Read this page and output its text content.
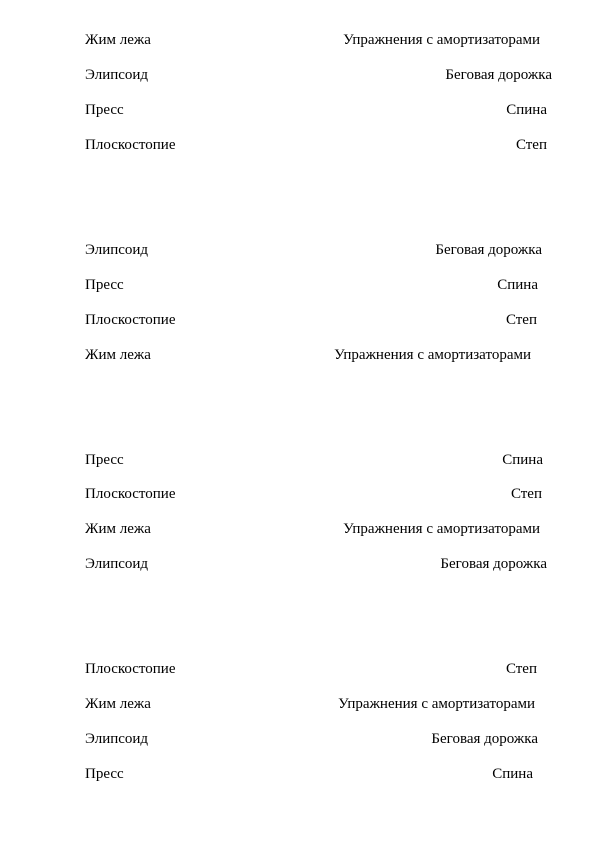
Жим лежа	Упражнения с амортизаторами
Элипсоид	Беговая дорожка
Пресс	Спина
Плоскостопие	Степ
Элипсоид	Беговая дорожка
Пресс	Спина
Плоскостопие	Степ
Жим лежа	Упражнения с амортизаторами
Пресс	Спина
Плоскостопие	Степ
Жим лежа	Упражнения с амортизаторами
Элипсоид	Беговая дорожка
Плоскостопие	Степ
Жим лежа	Упражнения с амортизаторами
Элипсоид	Беговая дорожка
Пресс	Спина
